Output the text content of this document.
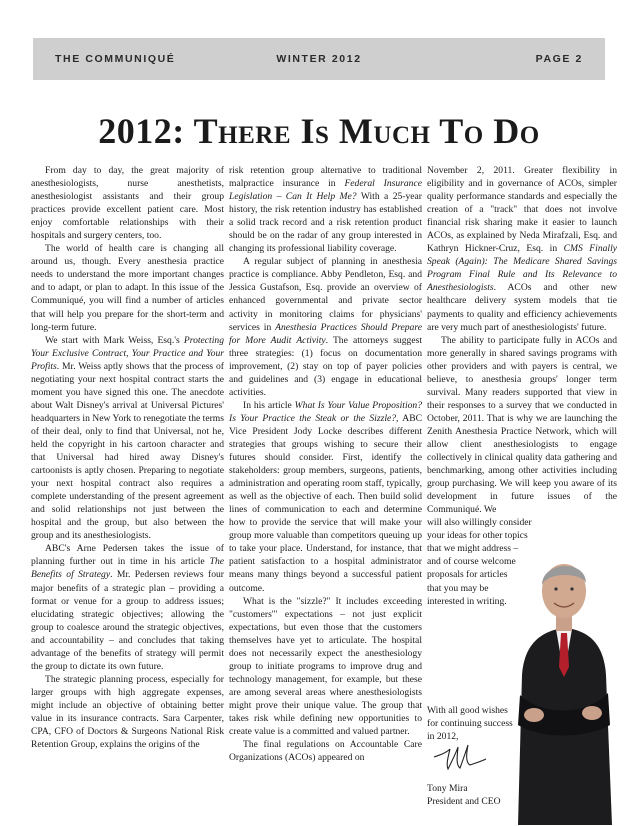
THE COMMUNIQUÉ	WINTER 2012	PAGE 2
2012: There Is Much To Do

From day to day, the great majority of anesthesiologists, nurse anesthetists, anesthesiologist assistants and their group practices provide excellent patient care. Most enjoy comfortable relationships with their hospitals and surgery centers, too.

The world of health care is changing all around us, though. Every anesthesia practice needs to understand the more important changes and to adapt, or plan to adapt. In this issue of the Communiqué, you will find a number of articles that will help you prepare for the short-term and long-term future.

We start with Mark Weiss, Esq.'s Protecting Your Exclusive Contract, Your Practice and Your Profits. Mr. Weiss aptly shows that the process of negotiating your next hospital contract starts the moment you have signed this one. The anecdote about Walt Disney's arrival at Universal Pictures' headquarters in New York to renegotiate the terms of their deal, only to find that Universal, not he, held the copyright in his cartoon character and that Universal had hired away Disney's cartoonists is aptly chosen. Preparing to negotiate your next hospital contract also requires a complete understanding of the present agreement and solid relationships not just between the hospital and the group, but also between the group and its anesthesiologists.

ABC's Arne Pedersen takes the issue of planning further out in time in his article The Benefits of Strategy. Mr. Pedersen reviews four major benefits of a strategic plan – providing a format or venue for a group to address issues; elucidating strategic objectives; allowing the group to coalesce around the strategic objectives, and accountability – and concludes that taking advantage of the benefits of strategy will permit the group to dictate its own future.

The strategic planning process, especially for larger groups with high aggregate expenses, might include an objective of obtaining better value in its insurance contracts. Sara Carpenter, CPA, CFO of Doctors & Surgeons National Risk Retention Group, explains the origins of the

risk retention group alternative to traditional malpractice insurance in Federal Insurance Legislation – Can It Help Me? With a 25-year history, the risk retention industry has established a solid track record and a risk retention product should be on the radar of any group interested in changing its professional liability coverage.

A regular subject of planning in anesthesia practice is compliance. Abby Pendleton, Esq. and Jessica Gustafson, Esq. provide an overview of enhanced governmental and private sector activity in monitoring claims for physicians' services in Anesthesia Practices Should Prepare for More Audit Activity. The attorneys suggest three strategies: (1) focus on documentation improvement, (2) stay on top of payer policies and guidelines and (3) engage in educational activities.

In his article What Is Your Value Proposition? Is Your Practice the Steak or the Sizzle?, ABC Vice President Jody Locke describes different strategies that groups wishing to secure their futures should consider. First, identify the stakeholders: group members, surgeons, patients, administration and operating room staff, typically, as well as the objective of each. Then build solid lines of communication to each and determine how to provide the service that will make your group more valuable than competitors queuing up to take your place. Understand, for instance, that patient satisfaction to a hospital administrator means many things beyond a successful patient outcome.

What is the "sizzle?" It includes exceeding "customers'" expectations – not just explicit expectations, but even those that the customers themselves have yet to articulate. The hospital does not necessarily expect the anesthesiology group to initiate programs to improve drug and technology management, for example, but these are among several areas where anesthesiologists might prove their unique value. The group that takes risk while defining new opportunities to create value is a committed and valued partner.

The final regulations on Accountable Care Organizations (ACOs) appeared on

November 2, 2011. Greater flexibility in eligibility and in governance of ACOs, simpler quality performance standards and especially the creation of a "track" that does not involve financial risk sharing make it easier to launch ACOs, as explained by Neda Mirafzali, Esq. and Kathryn Hickner-Cruz, Esq. in CMS Finally Speak (Again): The Medicare Shared Savings Program Final Rule and Its Relevance to Anesthesiologists. ACOs and other new healthcare delivery system models that tie payments to quality and efficiency achievements are very much part of anesthesiologists' future.

The ability to participate fully in ACOs and more generally in shared savings programs with other providers and with payers is central, we believe, to anesthesia groups' longer term survival. Many readers supported that view in their responses to a survey that we conducted in October, 2011. That is why we are launching the Zenith Anesthesia Practice Network, which will allow client anesthesiologists to engage collectively in clinical quality data gathering and benchmarking, among other activities including group purchasing. We will keep you aware of its development in future issues of the Communiqué. We

will also willingly consider
your ideas for other topics
that we might address –
and of course welcome
proposals for articles
that you may be
interested in writing.
With all good wishes
for continuing success
in 2012,
Tony Mira
President and CEO
